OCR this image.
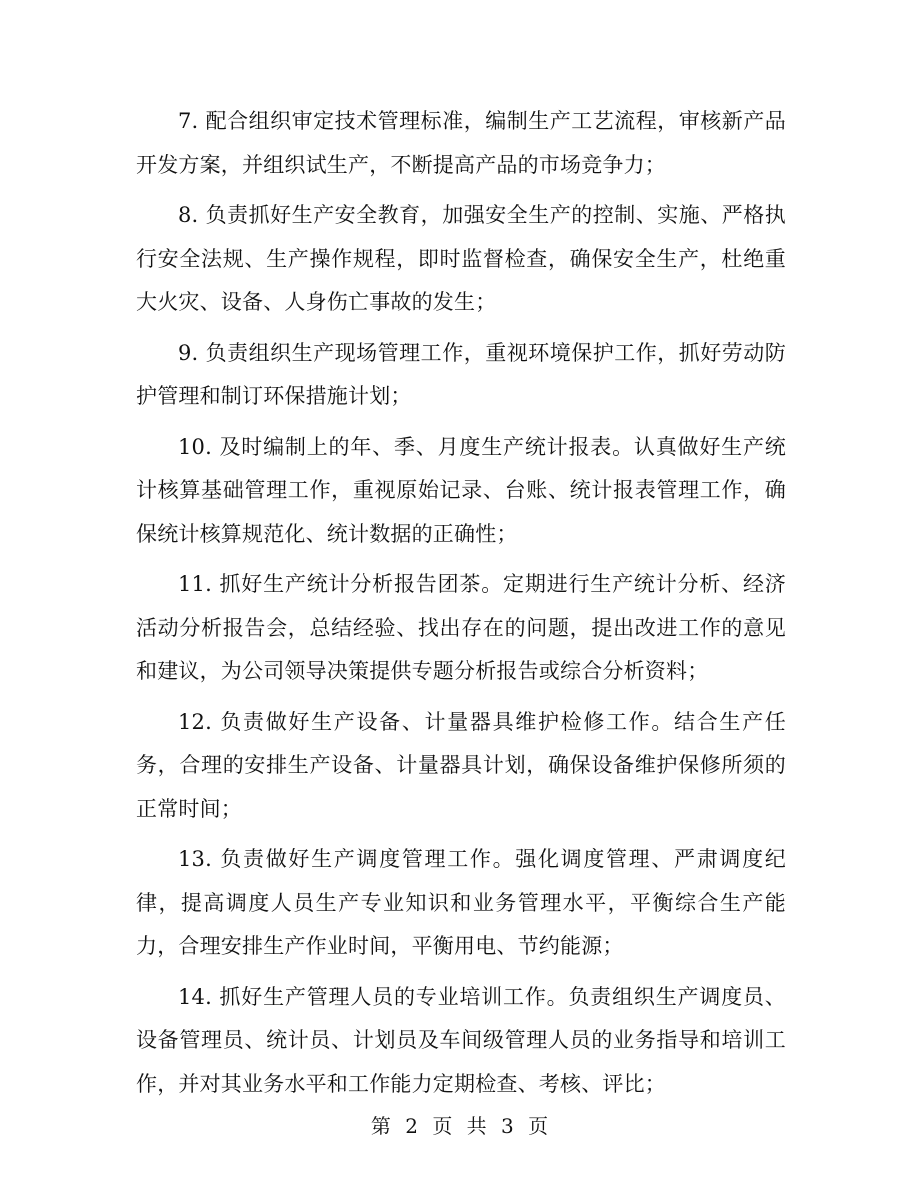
7. 配合组织审定技术管理标准，编制生产工艺流程，审核新产品开发方案，并组织试生产，不断提高产品的市场竞争力；

8. 负责抓好生产安全教育，加强安全生产的控制、实施、严格执行安全法规、生产操作规程，即时监督检查，确保安全生产，杜绝重大火灾、设备、人身伤亡事故的发生；

9. 负责组织生产现场管理工作，重视环境保护工作，抓好劳动防护管理和制订环保措施计划；

10. 及时编制上的年、季、月度生产统计报表。认真做好生产统计核算基础管理工作，重视原始记录、台账、统计报表管理工作，确保统计核算规范化、统计数据的正确性；

11. 抓好生产统计分析报告团茶。定期进行生产统计分析、经济活动分析报告会，总结经验、找出存在的问题，提出改进工作的意见和建议，为公司领导决策提供专题分析报告或综合分析资料；

12. 负责做好生产设备、计量器具维护检修工作。结合生产任务，合理的安排生产设备、计量器具计划，确保设备维护保修所须的正常时间；

13. 负责做好生产调度管理工作。强化调度管理、严肃调度纪律，提高调度人员生产专业知识和业务管理水平，平衡综合生产能力，合理安排生产作业时间，平衡用电、节约能源；

14. 抓好生产管理人员的专业培训工作。负责组织生产调度员、设备管理员、统计员、计划员及车间级管理人员的业务指导和培训工作，并对其业务水平和工作能力定期检查、考核、评比；

第 2 页 共 3 页
